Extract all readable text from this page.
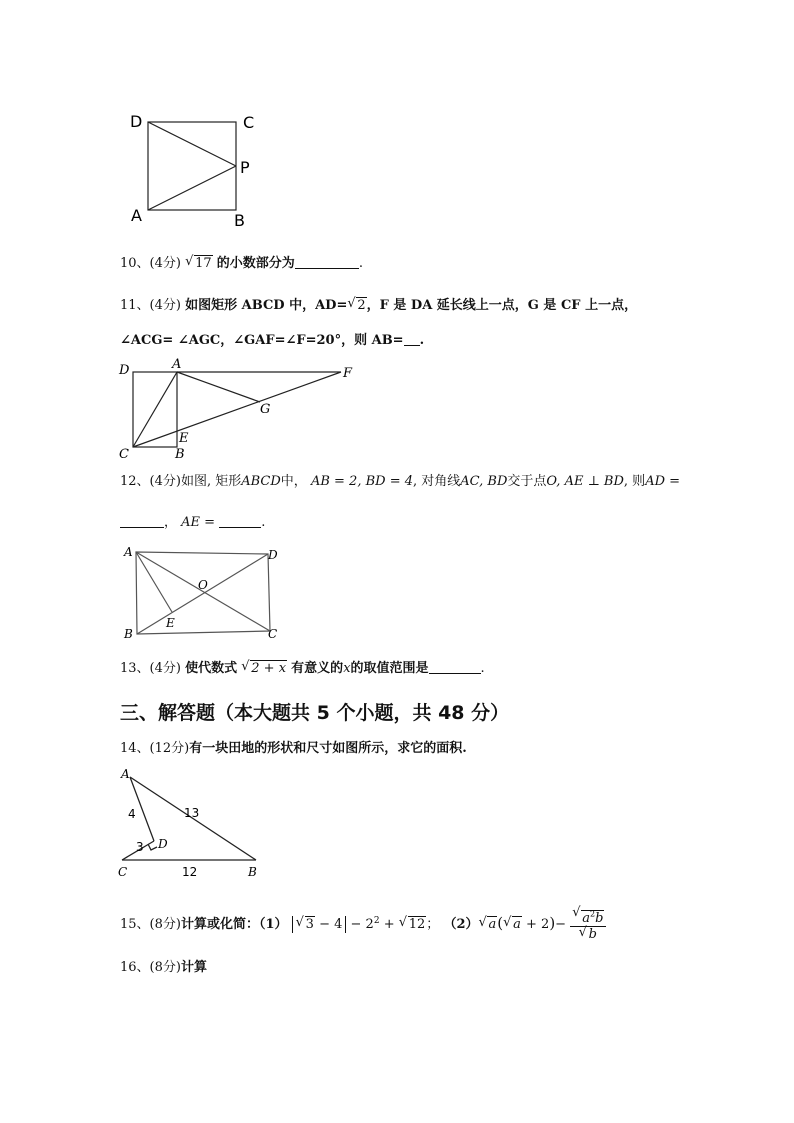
D	C
P
A	B
10、(4分) √ 17 的小数部分为	.
11、(4分) 如图矩形 ABCD 中，AD= √ 2，F 是 DA 延长线上一点，G 是 CF 上一点，
∠ACG= ∠AGC，∠GAF=∠F=20°，则 AB= .
D	A
F
G
E
C	B
12、(4分)如图, 矩形ABCD中， AB = 2, BD = 4, 对角线AC, BD交于点O, AE ⊥ BD, 则AD =
， AE =	.
A	D
O
E
B	C
13、(4分) 使代数式 √ 2 + x 有意义的x的取值范围是	.
三、解答题（本大题共 5 个小题，共 48 分）
14、(12分)有一块田地的形状和尺寸如图所示，求它的面积.
A
4	13
3 D
C	12	B
15、(8分)计算或化简：（1） √ $3 - 4 - 2^2$ + √ 12； （2） √ a( √ a + 2)− √ $a^2b$
√ b
16、(8分)计算
